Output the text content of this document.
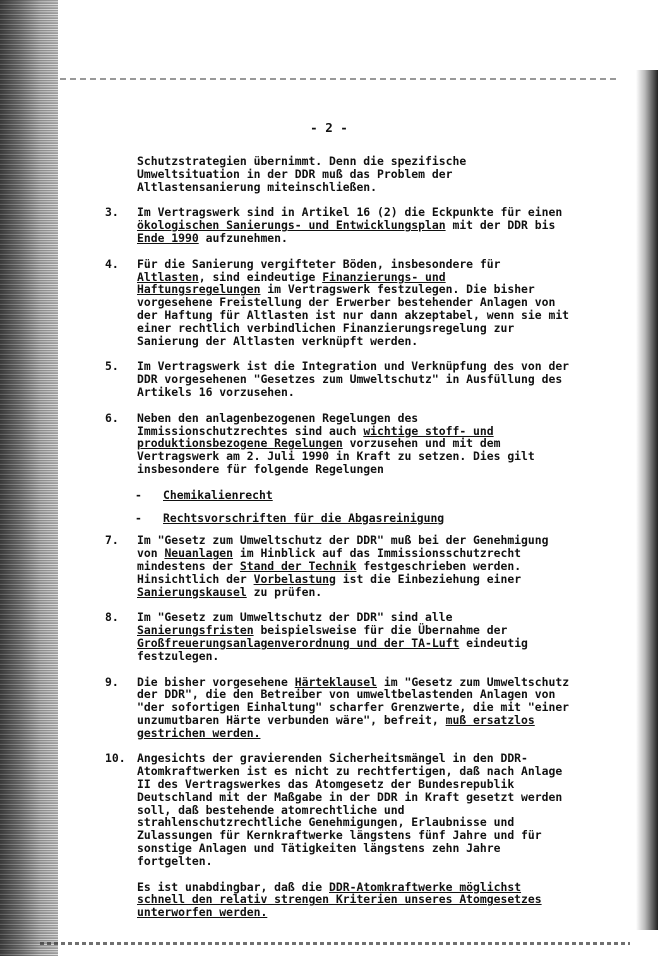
- 2 -

Schutzstrategien übernimmt. Denn die spezifische Umweltsituation in der DDR muß das Problem der Altlastensanierung miteinschließen.

3. Im Vertragswerk sind in Artikel 16 (2) die Eckpunkte für einen ökologischen Sanierungs- und Entwicklungsplan mit der DDR bis Ende 1990 aufzunehmen.

4. Für die Sanierung vergifteter Böden, insbesondere für Altlasten, sind eindeutige Finanzierungs- und Haftungsregelungen im Vertragswerk festzulegen. Die bisher vorgesehene Freistellung der Erwerber bestehender Anlagen von der Haftung für Altlasten ist nur dann akzeptabel, wenn sie mit einer rechtlich verbindlichen Finanzierungsregelung zur Sanierung der Altlasten verknüpft werden.

5. Im Vertragswerk ist die Integration und Verknüpfung des von der DDR vorgesehenen "Gesetzes zum Umweltschutz" in Ausfüllung des Artikels 16 vorzusehen.

6. Neben den anlagenbezogenen Regelungen des Immissionschutzrechtes sind auch wichtige stoff- und produktionsbezogene Regelungen vorzusehen und mit dem Vertragswerk am 2. Juli 1990 in Kraft zu setzen. Dies gilt insbesondere für folgende Regelungen

- Chemikalienrecht

- Rechtsvorschriften für die Abgasreinigung

7. Im "Gesetz zum Umweltschutz der DDR" muß bei der Genehmigung von Neuanlagen im Hinblick auf das Immissionsschutzrecht mindestens der Stand der Technik festgeschrieben werden. Hinsichtlich der Vorbelastung ist die Einbeziehung einer Sanierungskausel zu prüfen.

8. Im "Gesetz zum Umweltschutz der DDR" sind alle Sanierungsfristen beispielsweise für die Übernahme der Großfreuerungsanlagenverordnung und der TA-Luft eindeutig festzulegen.

9. Die bisher vorgesehene Härteklausel im "Gesetz zum Umweltschutz der DDR", die den Betreiber von umweltbelastenden Anlagen von "der sofortigen Einhaltung" scharfer Grenzwerte, die mit "einer unzumutbaren Härte verbunden wäre", befreit, muß ersatzlos gestrichen werden.

10. Angesichts der gravierenden Sicherheitsmängel in den DDR-Atomkraftwerken ist es nicht zu rechtfertigen, daß nach Anlage II des Vertragswerkes das Atomgesetz der Bundesrepublik Deutschland mit der Maßgabe in der DDR in Kraft gesetzt werden soll, daß bestehende atomrechtliche und strahlenschutzrechtliche Genehmigungen, Erlaubnisse und Zulassungen für Kernkraftwerke längstens fünf Jahre und für sonstige Anlagen und Tätigkeiten längstens zehn Jahre fortgelten.

Es ist unabdingbar, daß die DDR-Atomkraftwerke möglichst schnell den relativ strengen Kriterien unseres Atomgesetzes unterworfen werden.
